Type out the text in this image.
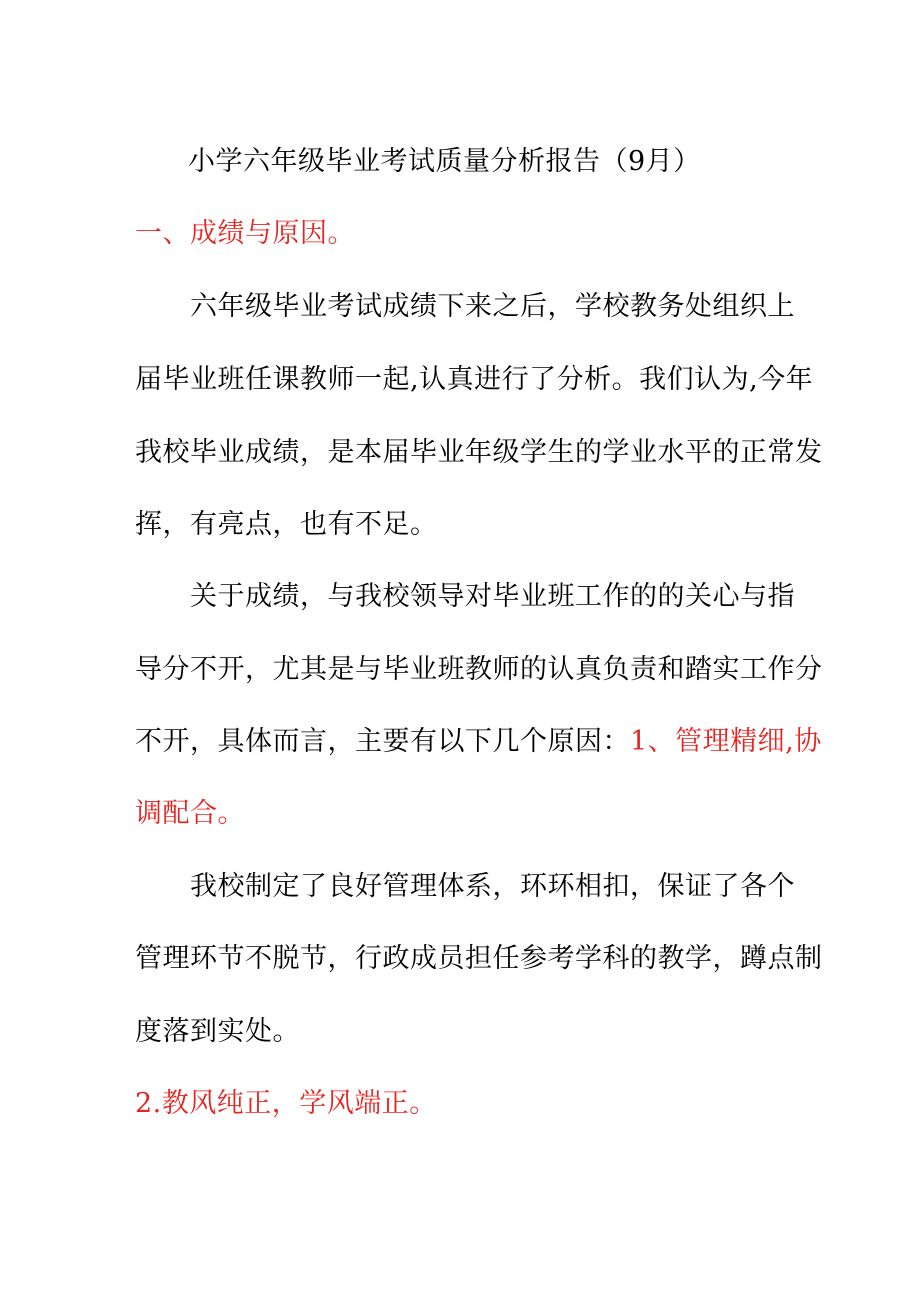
小学六年级毕业考试质量分析报告（9月）
一、成绩与原因。
六年级毕业考试成绩下来之后，学校教务处组织上
届毕业班任课教师一起,认真进行了分析。我们认为,今年
我校毕业成绩，是本届毕业年级学生的学业水平的正常发
挥，有亮点，也有不足。
关于成绩，与我校领导对毕业班工作的的关心与指
导分不开，尤其是与毕业班教师的认真负责和踏实工作分
不开，具体而言，主要有以下几个原因：1、管理精细,协
调配合。
我校制定了良好管理体系，环环相扣，保证了各个
管理环节不脱节，行政成员担任参考学科的教学，蹲点制
度落到实处。
2.教风纯正，学风端正。
